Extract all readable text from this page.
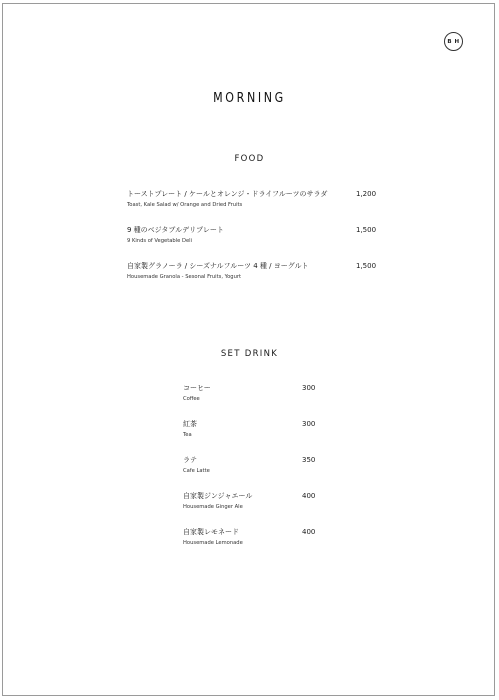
B H
MORNING
FOOD
トーストプレート / ケールとオレンジ・ドライフルーツのサラダ
Toast, Kale Salad w/ Orange and Dried Fruits
1,200
9 種のベジタブルデリプレート
9 Kinds of Vegetable Deli
1,500
自家製グラノーラ / シーズナルフルーツ 4 種 / ヨーグルト
Housemade Granola - Sesonal Fruits, Yogurt
1,500
SET DRINK
コーヒー
Coffee
300
紅茶
Tea
300
ラテ
Cafe Latte
350
自家製ジンジャエール
Housemade Ginger Ale
400
自家製レモネード
Housemade Lemonade
400
